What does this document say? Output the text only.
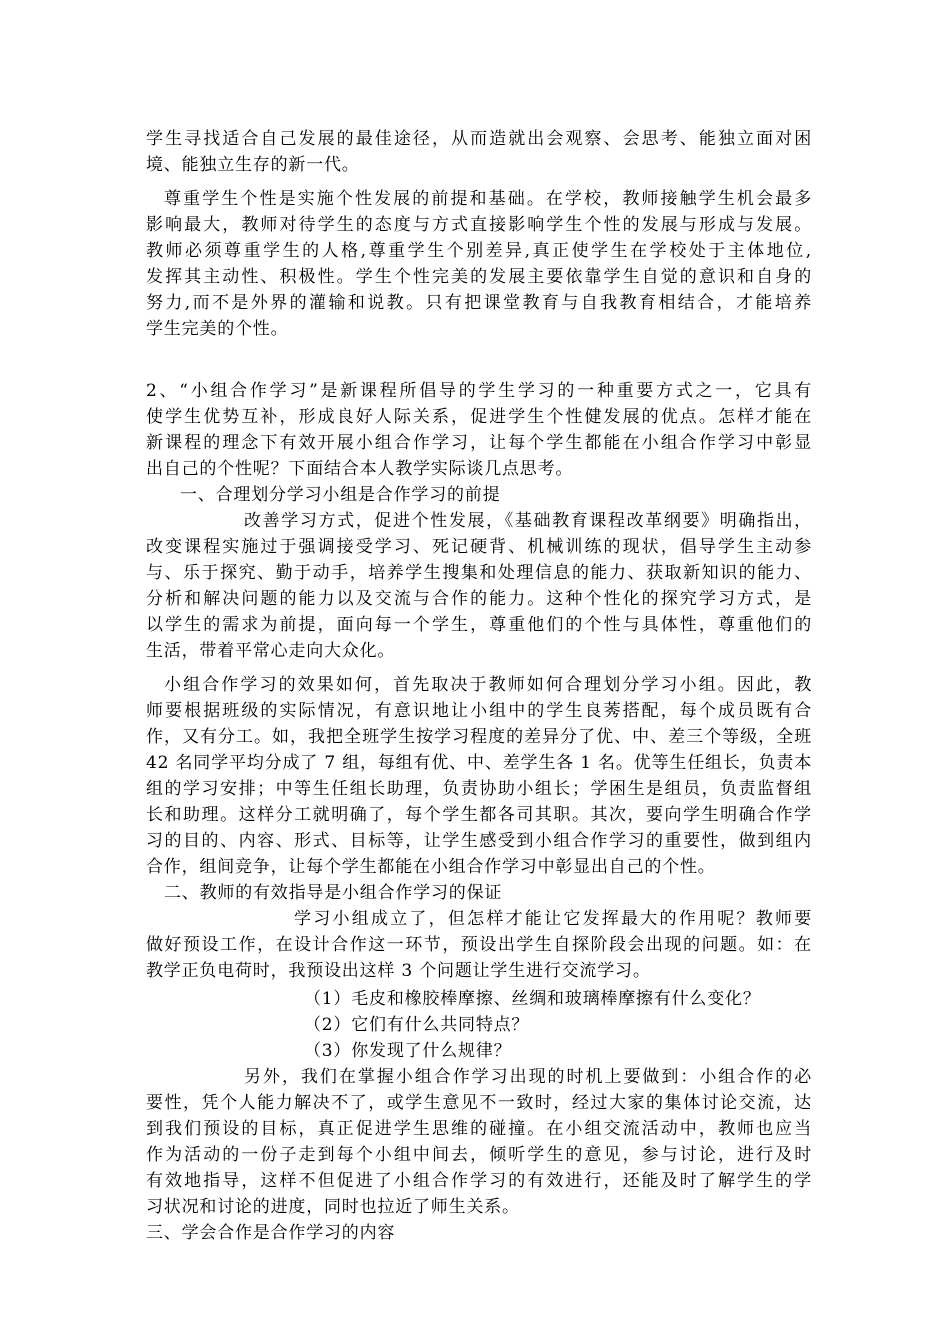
学生寻找适合自己发展的最佳途径，从而造就出会观察、会思考、能独立面对困
境、能独立生存的新一代。
尊重学生个性是实施个性发展的前提和基础。在学校，教师接触学生机会最多
影响最大，教师对待学生的态度与方式直接影响学生个性的发展与形成与发展。
教师必须尊重学生的人格,尊重学生个别差异,真正使学生在学校处于主体地位,
发挥其主动性、积极性。学生个性完美的发展主要依靠学生自觉的意识和自身的
努力,而不是外界的灌输和说教。只有把课堂教育与自我教育相结合，才能培养
学生完美的个性。
2、“小组合作学习”是新课程所倡导的学生学习的一种重要方式之一，它具有
使学生优势互补，形成良好人际关系，促进学生个性健发展的优点。怎样才能在
新课程的理念下有效开展小组合作学习，让每个学生都能在小组合作学习中彰显
出自己的个性呢？下面结合本人教学实际谈几点思考。
一、合理划分学习小组是合作学习的前提
改善学习方式，促进个性发展，《基础教育课程改革纲要》明确指出，
改变课程实施过于强调接受学习、死记硬背、机械训练的现状，倡导学生主动参
与、乐于探究、勤于动手，培养学生搜集和处理信息的能力、获取新知识的能力、
分析和解决问题的能力以及交流与合作的能力。这种个性化的探究学习方式，是
以学生的需求为前提，面向每一个学生，尊重他们的个性与具体性，尊重他们的
生活，带着平常心走向大众化。
小组合作学习的效果如何，首先取决于教师如何合理划分学习小组。因此，教
师要根据班级的实际情况，有意识地让小组中的学生良莠搭配，每个成员既有合
作，又有分工。如，我把全班学生按学习程度的差异分了优、中、差三个等级，全班
42 名同学平均分成了 7 组，每组有优、中、差学生各 1 名。优等生任组长，负责本
组的学习安排；中等生任组长助理，负责协助小组长；学困生是组员，负责监督组
长和助理。这样分工就明确了，每个学生都各司其职。其次，要向学生明确合作学
习的目的、内容、形式、目标等，让学生感受到小组合作学习的重要性，做到组内
合作，组间竞争，让每个学生都能在小组合作学习中彰显出自己的个性。
二、教师的有效指导是小组合作学习的保证
学习小组成立了，但怎样才能让它发挥最大的作用呢？教师要
做好预设工作，在设计合作这一环节，预设出学生自探阶段会出现的问题。如：在
教学正负电荷时，我预设出这样 3 个问题让学生进行交流学习。
（1）毛皮和橡胶棒摩擦、丝绸和玻璃棒摩擦有什么变化？
（2）它们有什么共同特点？
（3）你发现了什么规律？
另外，我们在掌握小组合作学习出现的时机上要做到：小组合作的必
要性，凭个人能力解决不了，或学生意见不一致时，经过大家的集体讨论交流，达
到我们预设的目标，真正促进学生思维的碰撞。在小组交流活动中，教师也应当
作为活动的一份子走到每个小组中间去，倾听学生的意见，参与讨论，进行及时
有效地指导，这样不但促进了小组合作学习的有效进行，还能及时了解学生的学
习状况和讨论的进度，同时也拉近了师生关系。
三、学会合作是合作学习的内容
